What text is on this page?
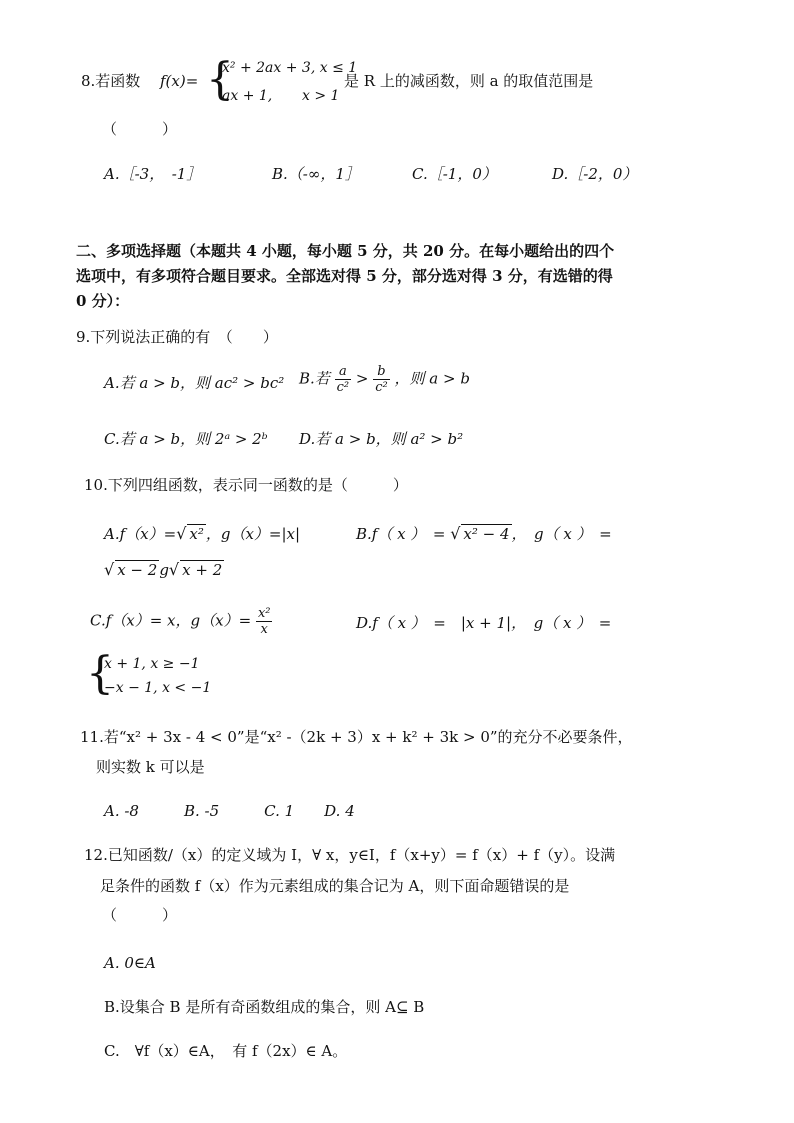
8.若函数 f(x)= {
x² + 2ax + 3, x ≤ 1
ax + 1, x > 1
是 R 上的减函数，则 a 的取值范围是
（　　　）
A.［-3，　-1］	B.（-∞，1］	C.［-1，0）	D.［-2，0）
二、多项选择题（本题共 4 小题，每小题 5 分，共 20 分。在每小题给出的四个
选项中，有多项符合题目要求。全部选对得 5 分，部分选对得 3 分，有选错的得
0 分）：
9.下列说法正确的有　（　　）
A.若 a > b，则 ac² > bc² B.若 $\frac{a}{\text{c²}} > \frac{b}{\text{c²}}$ ，则 a > b
C.若 a > b，则 2ᵃ > 2ᵇ D.若 a > b，则 a² > b²
10.下列四组函数，表示同一函数的是（　　　）
A.f（x）=√ x² ，g（x）=|x|	B.f（ x ）　= √ x² − 4 ，　g（ x ）　=
√ x − 2 g√ x + 2
C.f（x）= x，$g(x)= \frac{\text{x²}}{x}$	D.f（ x ）　=　|x + 1|，　g（ x ）　=
{
x + 1, x ≥ −1
−x − 1, x < −1
11.若“x² + 3x - 4 < 0”是“x² -（2k + 3）x + k² + 3k > 0”的充分不必要条件，
则实数 k 可以是
A. -8　　　B. -5　　　C. 1　　D. 4
12.已知函数/（x）的定义域为 I，∀ x，y∈I，f（x+y）= f（x）+ f（y）。设满
足条件的函数 f（x）作为元素组成的集合记为 A，则下面命题错误的是
（　　　）
A. 0∈A
B.设集合 B 是所有奇函数组成的集合，则 A⊆ B
C.　∀f（x）∈A，　有 f（2x）∈ A。
